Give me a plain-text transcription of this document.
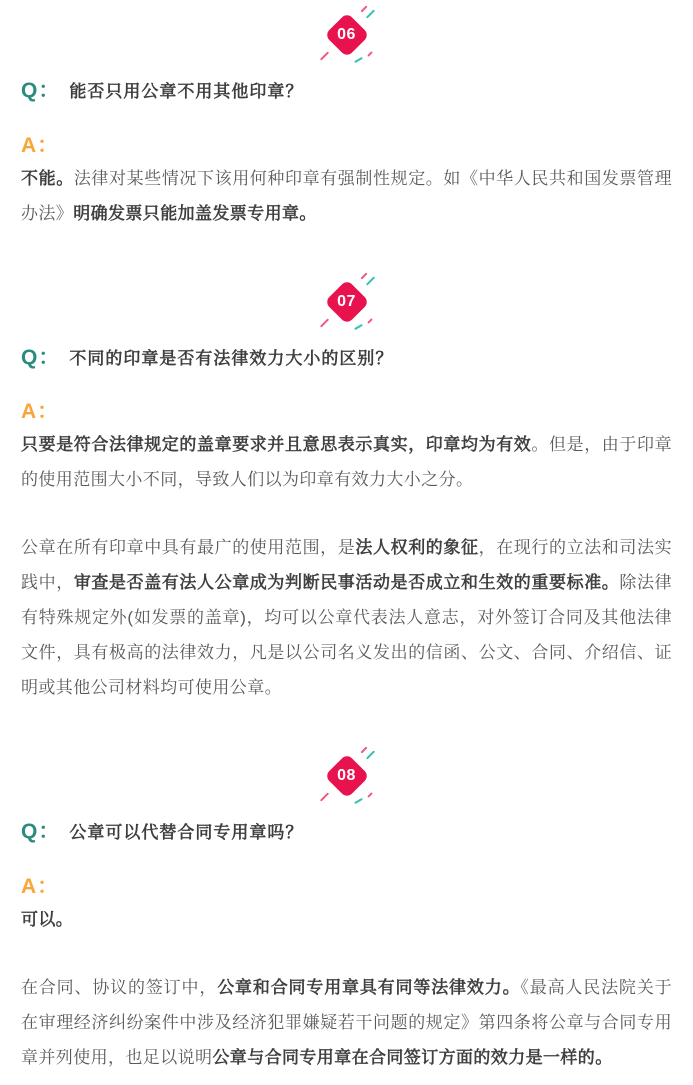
06
Q： 能否只用公章不用其他印章？
A：

不能。法律对某些情况下该用何种印章有强制性规定。如《中华人民共和国发票管理办法》明确发票只能加盖发票专用章。

07
Q： 不同的印章是否有法律效力大小的区别？
A：

只要是符合法律规定的盖章要求并且意思表示真实，印章均为有效。但是，由于印章的使用范围大小不同，导致人们以为印章有效力大小之分。

公章在所有印章中具有最广的使用范围，是法人权利的象征，在现行的立法和司法实践中，审查是否盖有法人公章成为判断民事活动是否成立和生效的重要标准。除法律有特殊规定外(如发票的盖章)，均可以公章代表法人意志，对外签订合同及其他法律文件，具有极高的法律效力，凡是以公司名义发出的信函、公文、合同、介绍信、证明或其他公司材料均可使用公章。

08
Q： 公章可以代替合同专用章吗？
A：

可以。

在合同、协议的签订中，公章和合同专用章具有同等法律效力。《最高人民法院关于在审理经济纠纷案件中涉及经济犯罪嫌疑若干问题的规定》第四条将公章与合同专用章并列使用，也足以说明公章与合同专用章在合同签订方面的效力是一样的。
